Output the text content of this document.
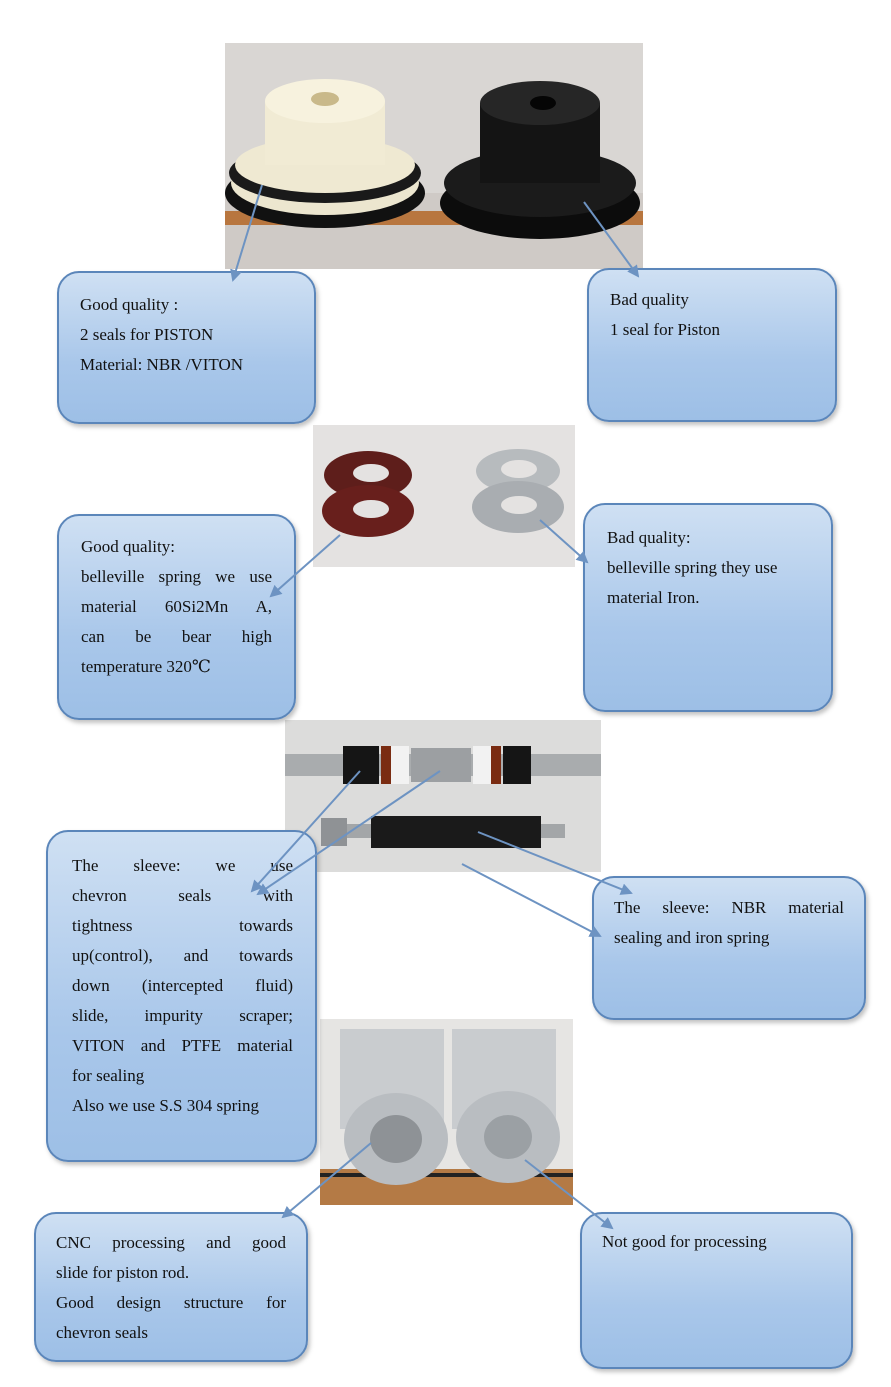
Good quality :
2 seals for PISTON
Material: NBR /VITON
Bad quality
1 seal for Piston
Good quality:
belleville spring we use
material 60Si2Mn A,
can be bear high
temperature 320℃
Bad quality:
belleville spring they use
material Iron.
The sleeve: we use
chevron seals with
tightness towards
up(control), and towards
down (intercepted fluid)
slide, impurity scraper;
VITON and PTFE material
for sealing
Also we use S.S 304 spring
The sleeve: NBR material
sealing and iron spring
CNC processing and good
slide for piston rod.
Good design structure for
chevron seals
Not good for processing
